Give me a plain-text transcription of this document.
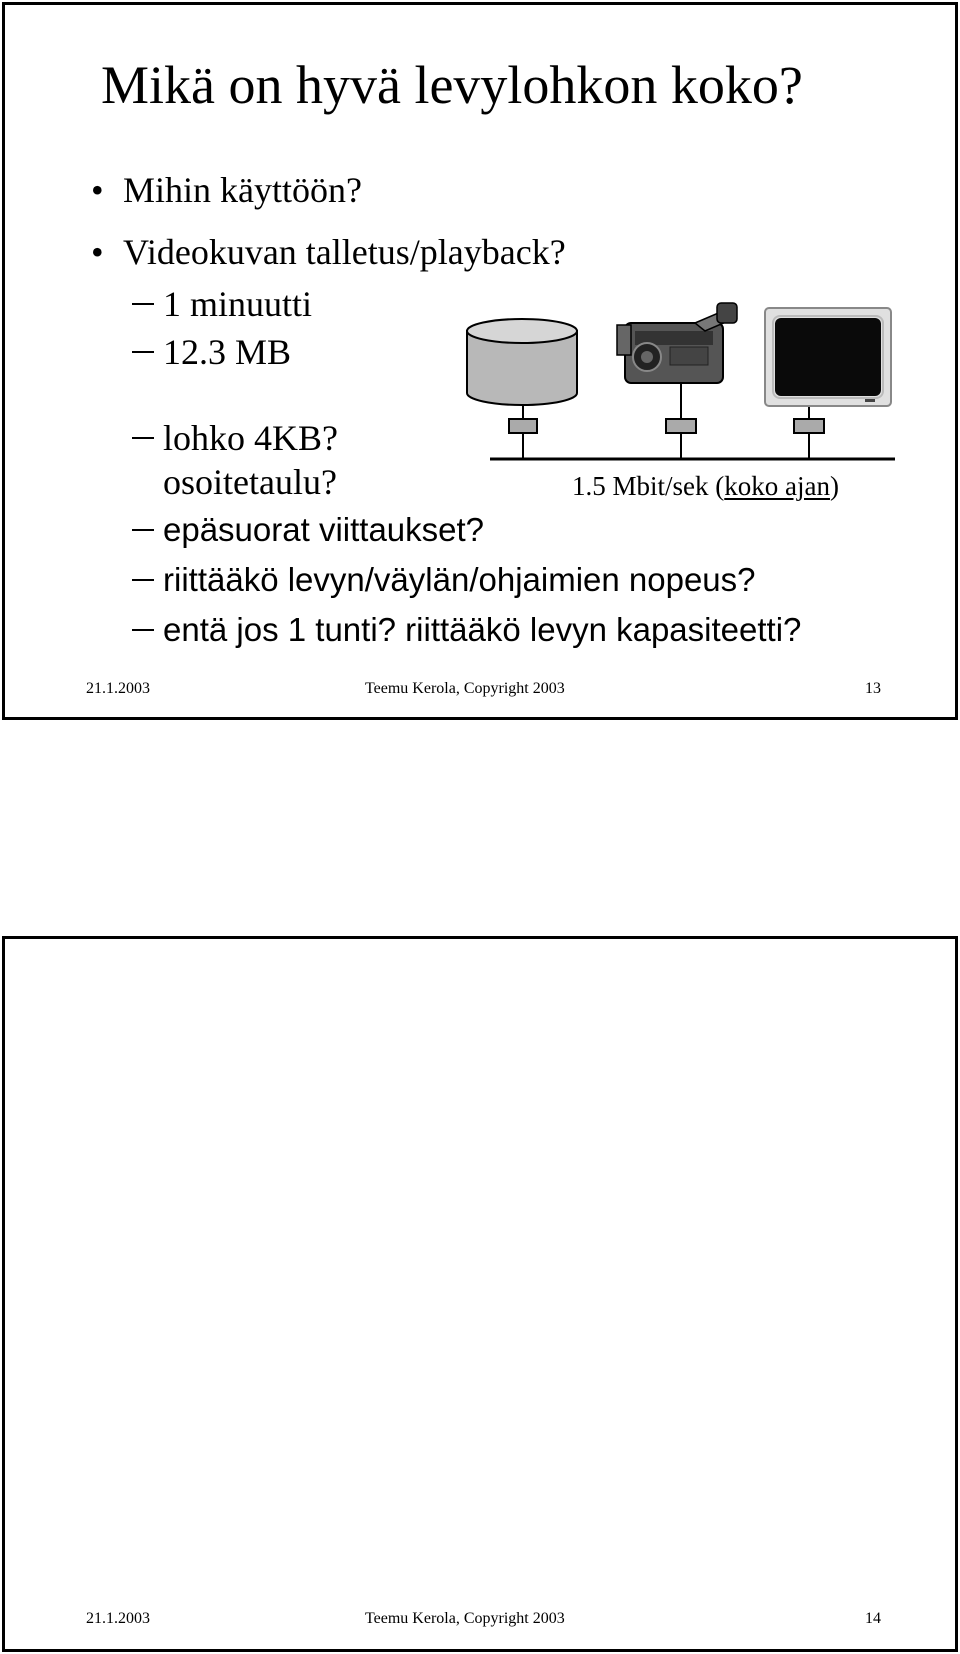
Mikä on hyvä levylohkon koko?
• Mihin käyttöön?
• Videokuvan talletus/playback?
1 minuutti
12.3 MB
lohko 4KB?
osoitetaulu?
epäsuorat viittaukset?
riittääkö levyn/väylän/ohjaimien nopeus?
entä jos 1 tunti? riittääkö levyn kapasiteetti?
1.5 Mbit/sek (koko ajan)
21.1.2003	Teemu Kerola, Copyright 2003	13
21.1.2003	Teemu Kerola, Copyright 2003	14
